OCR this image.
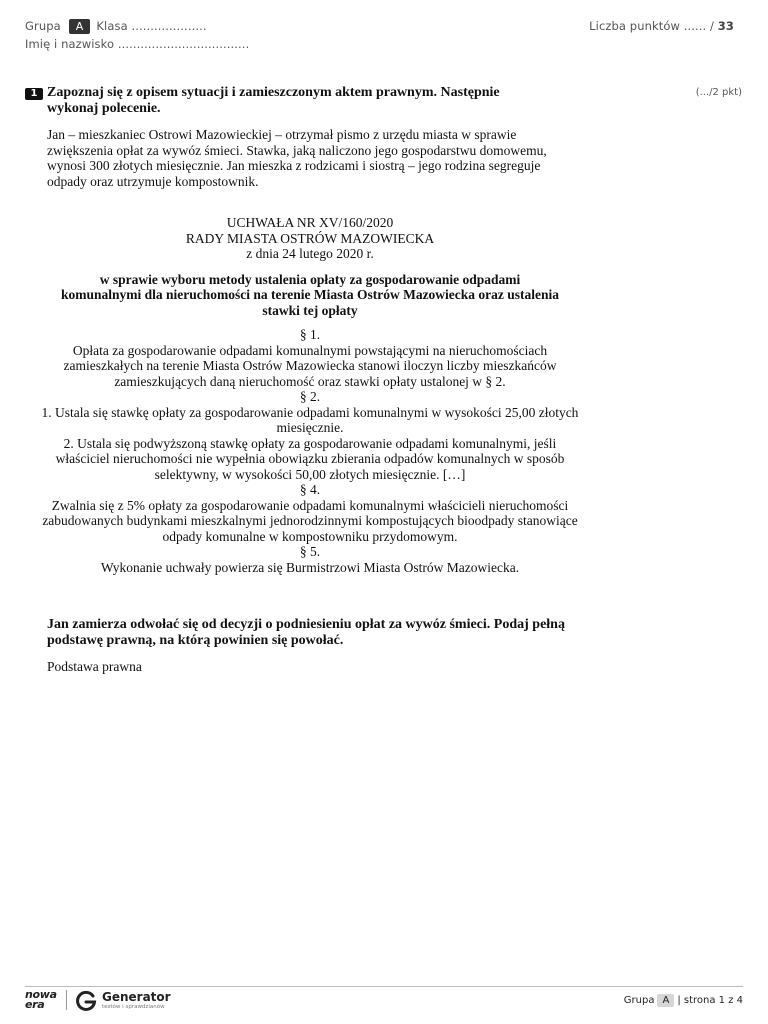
Grupa A Klasa ....................
Imię i nazwisko ...................................
Liczba punktów ...... / 33
1 Zapoznaj się z opisem sytuacji i zamieszczonym aktem prawnym. Następnie wykonaj polecenie.
(.../2 pkt)
Jan – mieszkaniec Ostrowi Mazowieckiej – otrzymał pismo z urzędu miasta w sprawie zwiększenia opłat za wywóz śmieci. Stawka, jaką naliczono jego gospodarstwu domowemu, wynosi 300 złotych miesięcznie. Jan mieszka z rodzicami i siostrą – jego rodzina segreguje odpady oraz utrzymuje kompostownik.
UCHWAŁA NR XV/160/2020
RADY MIASTA OSTRÓW MAZOWIECKA
z dnia 24 lutego 2020 r.
w sprawie wyboru metody ustalenia opłaty za gospodarowanie odpadami komunalnymi dla nieruchomości na terenie Miasta Ostrów Mazowiecka oraz ustalenia stawki tej opłaty
§ 1.
Opłata za gospodarowanie odpadami komunalnymi powstającymi na nieruchomościach zamieszkałych na terenie Miasta Ostrów Mazowiecka stanowi iloczyn liczby mieszkańców zamieszkujących daną nieruchomość oraz stawki opłaty ustalonej w § 2.
§ 2.
1. Ustala się stawkę opłaty za gospodarowanie odpadami komunalnymi w wysokości 25,00 złotych miesięcznie.
2. Ustala się podwyższoną stawkę opłaty za gospodarowanie odpadami komunalnymi, jeśli właściciel nieruchomości nie wypełnia obowiązku zbierania odpadów komunalnych w sposób selektywny, w wysokości 50,00 złotych miesięcznie. […]
§ 4.
Zwalnia się z 5% opłaty za gospodarowanie odpadami komunalnymi właścicieli nieruchomości zabudowanych budynkami mieszkalnymi jednorodzinnymi kompostujących bioodpady stanowiące odpady komunalne w kompostowniku przydomowym.
§ 5.
Wykonanie uchwały powierza się Burmistrzowi Miasta Ostrów Mazowiecka.
Jan zamierza odwołać się od decyzji o podniesieniu opłat za wywóz śmieci. Podaj pełną podstawę prawną, na którą powinien się powołać.
Podstawa prawna
nowa
era
Generator
testów i sprawdzianów
Grupa A | strona 1 z 4
